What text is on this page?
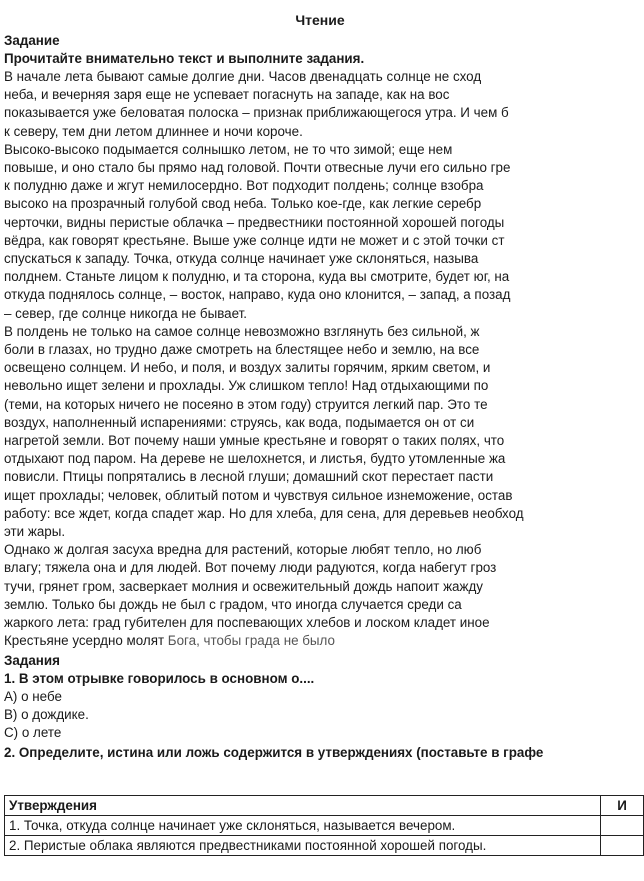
Чтение
Задание
Прочитайте внимательно текст и выполните задания.
В начале лета бывают самые долгие дни. Часов двенадцать солнце не сход
неба, и вечерняя заря еще не успевает погаснуть на западе, как на вос
показывается уже беловатая полоска – признак приближающегося утра. И чем б
к северу, тем дни летом длиннее и ночи короче.
Высоко-высоко подымается солнышко летом, не то что зимой; еще нем
повыше, и оно стало бы прямо над головой. Почти отвесные лучи его сильно гре
к полудню даже и жгут немилосердно. Вот подходит полдень; солнце взобра
высоко на прозрачный голубой свод неба. Только кое-где, как легкие серебр
черточки, видны перистые облачка – предвестники постоянной хорошей погоды
вёдра, как говорят крестьяне. Выше уже солнце идти не может и с этой точки ст
спускаться к западу. Точка, откуда солнце начинает уже склоняться, называ
полднем. Станьте лицом к полудню, и та сторона, куда вы смотрите, будет юг, на
откуда поднялось солнце, – восток, направо, куда оно клонится, – запад, а позад
– север, где солнце никогда не бывает.
В полдень не только на самое солнце невозможно взглянуть без сильной, ж
боли в глазах, но трудно даже смотреть на блестящее небо и землю, на все
освещено солнцем. И небо, и поля, и воздух залиты горячим, ярким светом, и
невольно ищет зелени и прохлады. Уж слишком тепло! Над отдыхающими по
(теми, на которых ничего не посеяно в этом году) струится легкий пар. Это те
воздух, наполненный испарениями: струясь, как вода, подымается он от си
нагретой земли. Вот почему наши умные крестьяне и говорят о таких полях, что
отдыхают под паром. На дереве не шелохнется, и листья, будто утомленные жа
повисли. Птицы попрятались в лесной глуши; домашний скот перестает пасти
ищет прохлады; человек, облитый потом и чувствуя сильное изнеможение, остав
работу: все ждет, когда спадет жар. Но для хлеба, для сена, для деревьев необход
эти жары.
Однако ж долгая засуха вредна для растений, которые любят тепло, но люб
влагу; тяжела она и для людей. Вот почему люди радуются, когда набегут гроз
тучи, грянет гром, засверкает молния и освежительный дождь напоит жажду
землю. Только бы дождь не был с градом, что иногда случается среди са
жаркого лета: град губителен для поспевающих хлебов и лоском кладет иное
Крестьяне усердно молят Бога, чтобы града не было
Задания
1. В этом отрывке говорилось в основном о....
A) о небе
B) о дождике.
C) о лете
2. Определите, истина или ложь содержится в утверждениях (поставьте в графе
Утверждения	И
1. Точка, откуда солнце начинает уже склоняться, называется вечером.	
2. Перистые облака являются предвестниками постоянной хорошей погоды.	
